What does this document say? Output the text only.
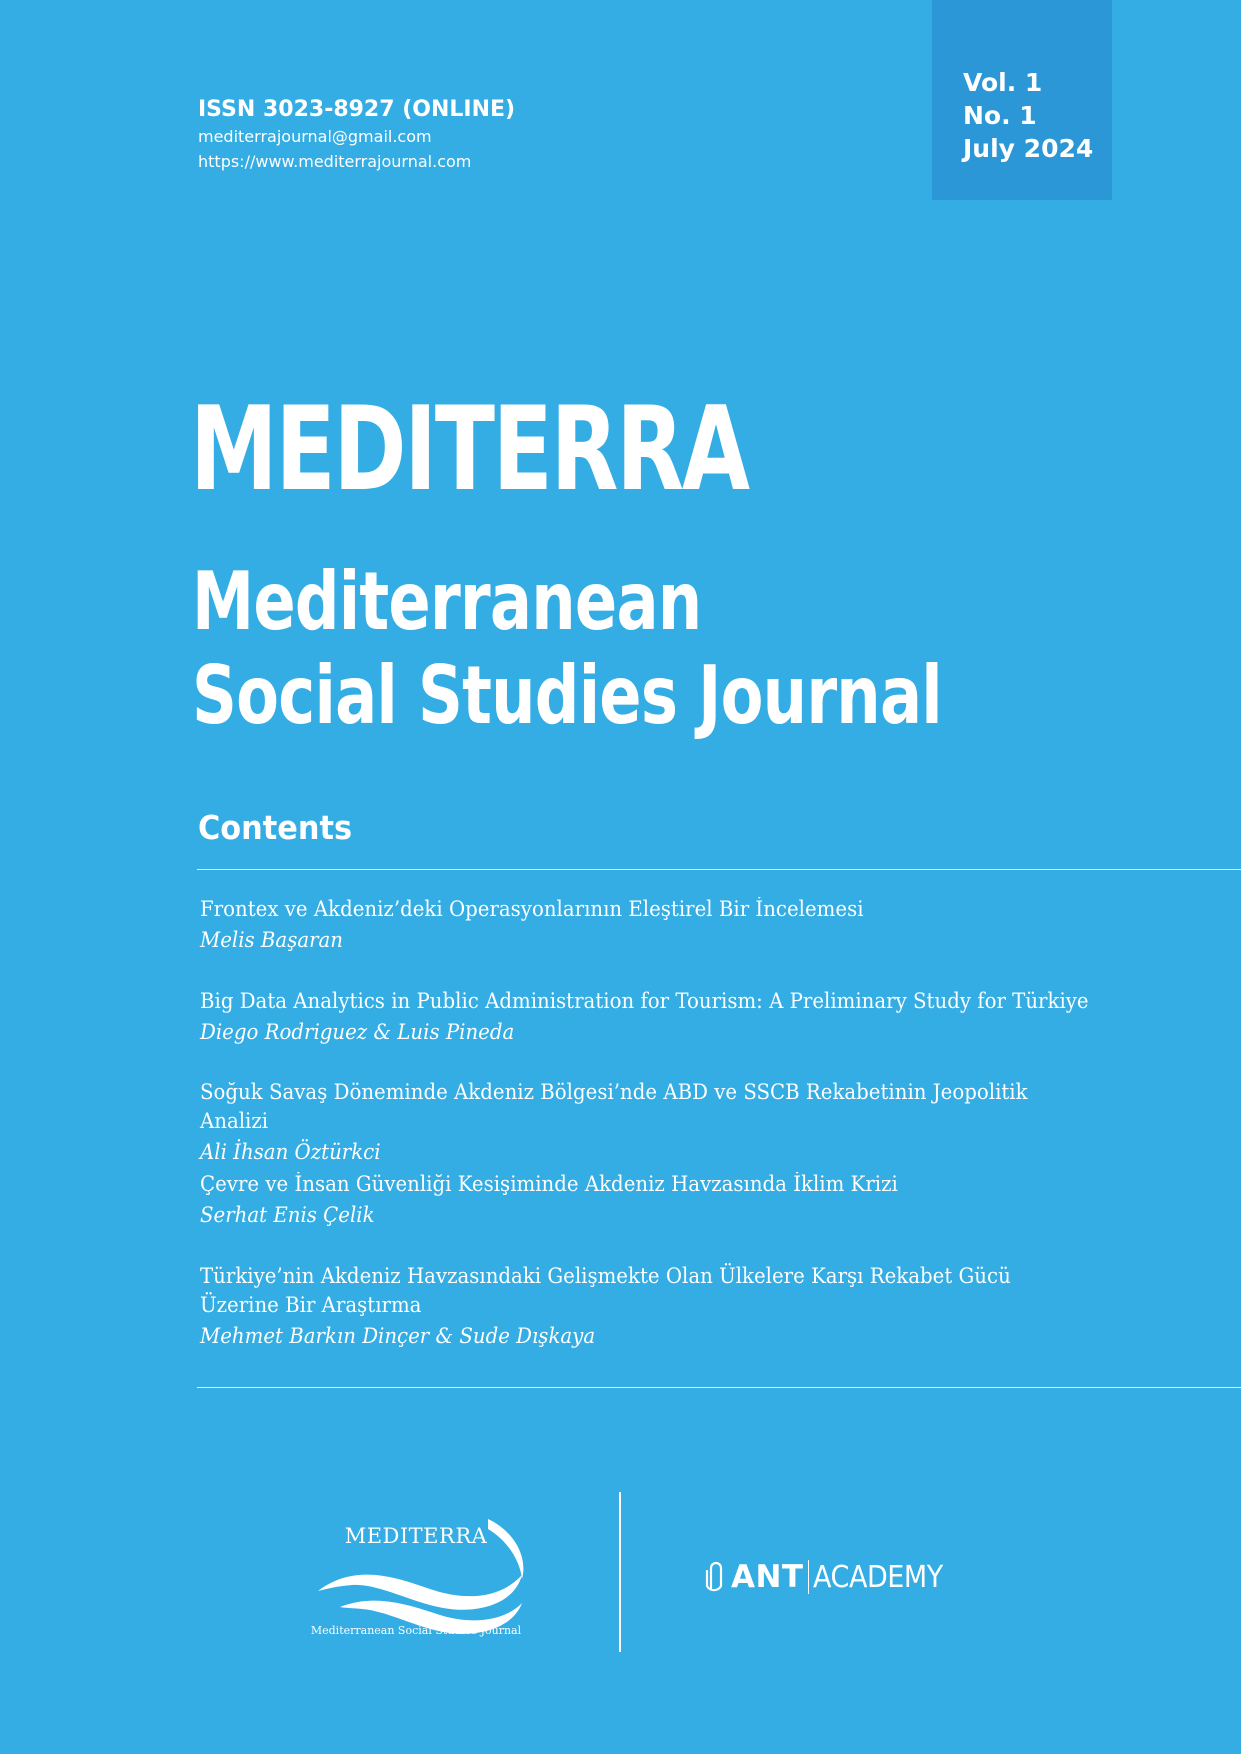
ISSN 3023-8927 (ONLINE)
mediterrajournal@gmail.com
https://www.mediterrajournal.com
Vol. 1
No. 1
July 2024
MEDITERRA
Mediterranean
Social Studies Journal
Contents
Frontex ve Akdeniz’deki Operasyonlarının Eleştirel Bir İncelemesi
Melis Başaran
Big Data Analytics in Public Administration for Tourism: A Preliminary Study for Türkiye
Diego Rodriguez & Luis Pineda
Soğuk Savaş Döneminde Akdeniz Bölgesi’nde ABD ve SSCB Rekabetinin Jeopolitik Analizi
Ali İhsan Öztürkci
Çevre ve İnsan Güvenliği Kesişiminde Akdeniz Havzasında İklim Krizi
Serhat Enis Çelik
Türkiye’nin Akdeniz Havzasındaki Gelişmekte Olan Ülkelere Karşı Rekabet Gücü Üzerine Bir Araştırma
Mehmet Barkın Dinçer & Sude Dışkaya
MEDITERRA
Mediterranean Social Studies Journal
ANT ACADEMY
